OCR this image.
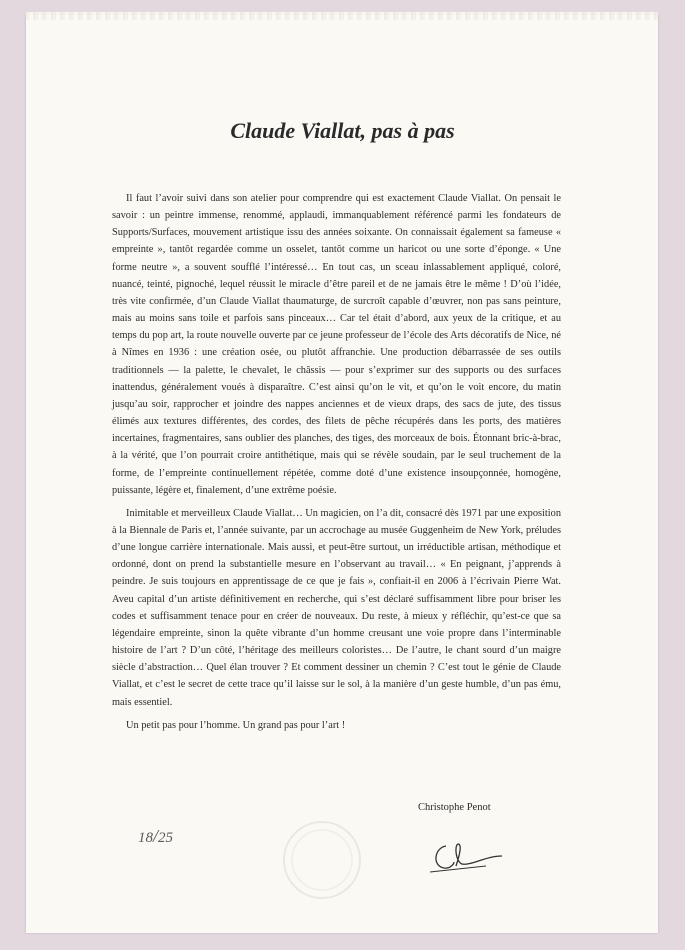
Claude Viallat, pas à pas

Il faut l’avoir suivi dans son atelier pour comprendre qui est exactement Claude Viallat. On pensait le savoir : un peintre immense, renommé, applaudi, immanquablement référencé parmi les fondateurs de Supports/Surfaces, mouvement artistique issu des années soixante. On connaissait également sa fameuse « empreinte », tantôt regardée comme un osselet, tantôt comme un haricot ou une sorte d’éponge. « Une forme neutre », a souvent soufflé l’intéressé… En tout cas, un sceau inlassablement appliqué, coloré, nuancé, teinté, pignoché, lequel réussit le miracle d’être pareil et de ne jamais être le même ! D’où l’idée, très vite confirmée, d’un Claude Viallat thaumaturge, de surcroît capable d’œuvrer, non pas sans peinture, mais au moins sans toile et parfois sans pinceaux… Car tel était d’abord, aux yeux de la critique, et au temps du pop art, la route nouvelle ouverte par ce jeune professeur de l’école des Arts décoratifs de Nice, né à Nîmes en 1936 : une création osée, ou plutôt affranchie. Une production débarrassée de ses outils traditionnels — la palette, le chevalet, le châssis — pour s’exprimer sur des supports ou des surfaces inattendus, généralement voués à disparaître. C’est ainsi qu’on le vit, et qu’on le voit encore, du matin jusqu’au soir, rapprocher et joindre des nappes anciennes et de vieux draps, des sacs de jute, des tissus élimés aux textures différentes, des cordes, des filets de pêche récupérés dans les ports, des matières incertaines, fragmentaires, sans oublier des planches, des tiges, des morceaux de bois. Étonnant bric-à-brac, à la vérité, que l’on pourrait croire antithétique, mais qui se révèle soudain, par le seul truchement de la forme, de l’empreinte continuellement répétée, comme doté d’une existence insoupçonnée, homogène, puissante, légère et, finalement, d’une extrême poésie.

Inimitable et merveilleux Claude Viallat… Un magicien, on l’a dit, consacré dès 1971 par une exposition à la Biennale de Paris et, l’année suivante, par un accrochage au musée Guggenheim de New York, préludes d’une longue carrière internationale. Mais aussi, et peut-être surtout, un irréductible artisan, méthodique et ordonné, dont on prend la substantielle mesure en l’observant au travail… « En peignant, j’apprends à peindre. Je suis toujours en apprentissage de ce que je fais », confiait-il en 2006 à l’écrivain Pierre Wat. Aveu capital d’un artiste définitivement en recherche, qui s’est déclaré suffisamment libre pour briser les codes et suffisamment tenace pour en créer de nouveaux. Du reste, à mieux y réfléchir, qu’est-ce que sa légendaire empreinte, sinon la quête vibrante d’un homme creusant une voie propre dans l’interminable histoire de l’art ? D’un côté, l’héritage des meilleurs coloristes… De l’autre, le chant sourd d’un maigre siècle d’abstraction… Quel élan trouver ? Et comment dessiner un chemin ? C’est tout le génie de Claude Viallat, et c’est le secret de cette trace qu’il laisse sur le sol, à la manière d’un geste humble, d’un pas ému, mais essentiel.

Un petit pas pour l’homme. Un grand pas pour l’art !

Christophe Penot
18/25
